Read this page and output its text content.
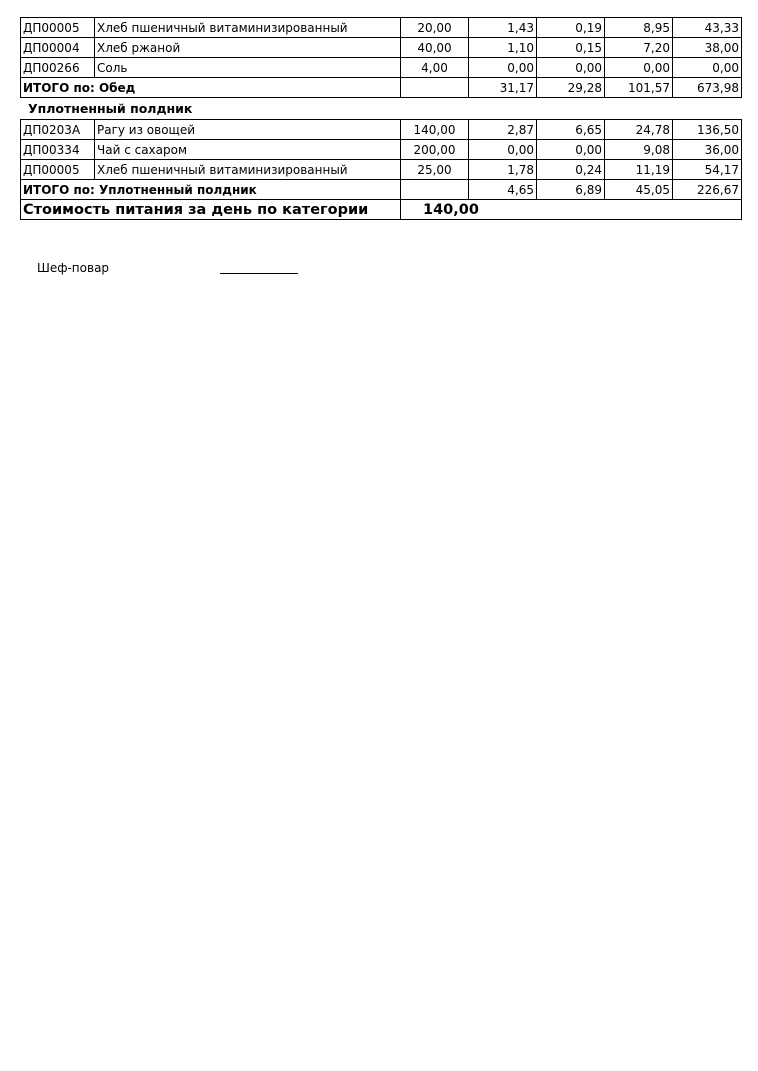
ДП00005	Хлеб пшеничный витаминизированный	20,00	1,43	0,19	8,95	43,33
ДП00004	Хлеб ржаной	40,00	1,10	0,15	7,20	38,00
ДП00266	Соль	4,00	0,00	0,00	0,00	0,00
ИТОГО по: Обед			31,17	29,28	101,57	673,98
Уплотненный полдник
ДП0203А	Рагу из овощей	140,00	2,87	6,65	24,78	136,50
ДП00334	Чай с сахаром	200,00	0,00	0,00	9,08	36,00
ДП00005	Хлеб пшеничный витаминизированный	25,00	1,78	0,24	11,19	54,17
ИТОГО по: Уплотненный полдник			4,65	6,89	45,05	226,67
Стоимость питания за день по категории		140,00				
Шеф-повар
